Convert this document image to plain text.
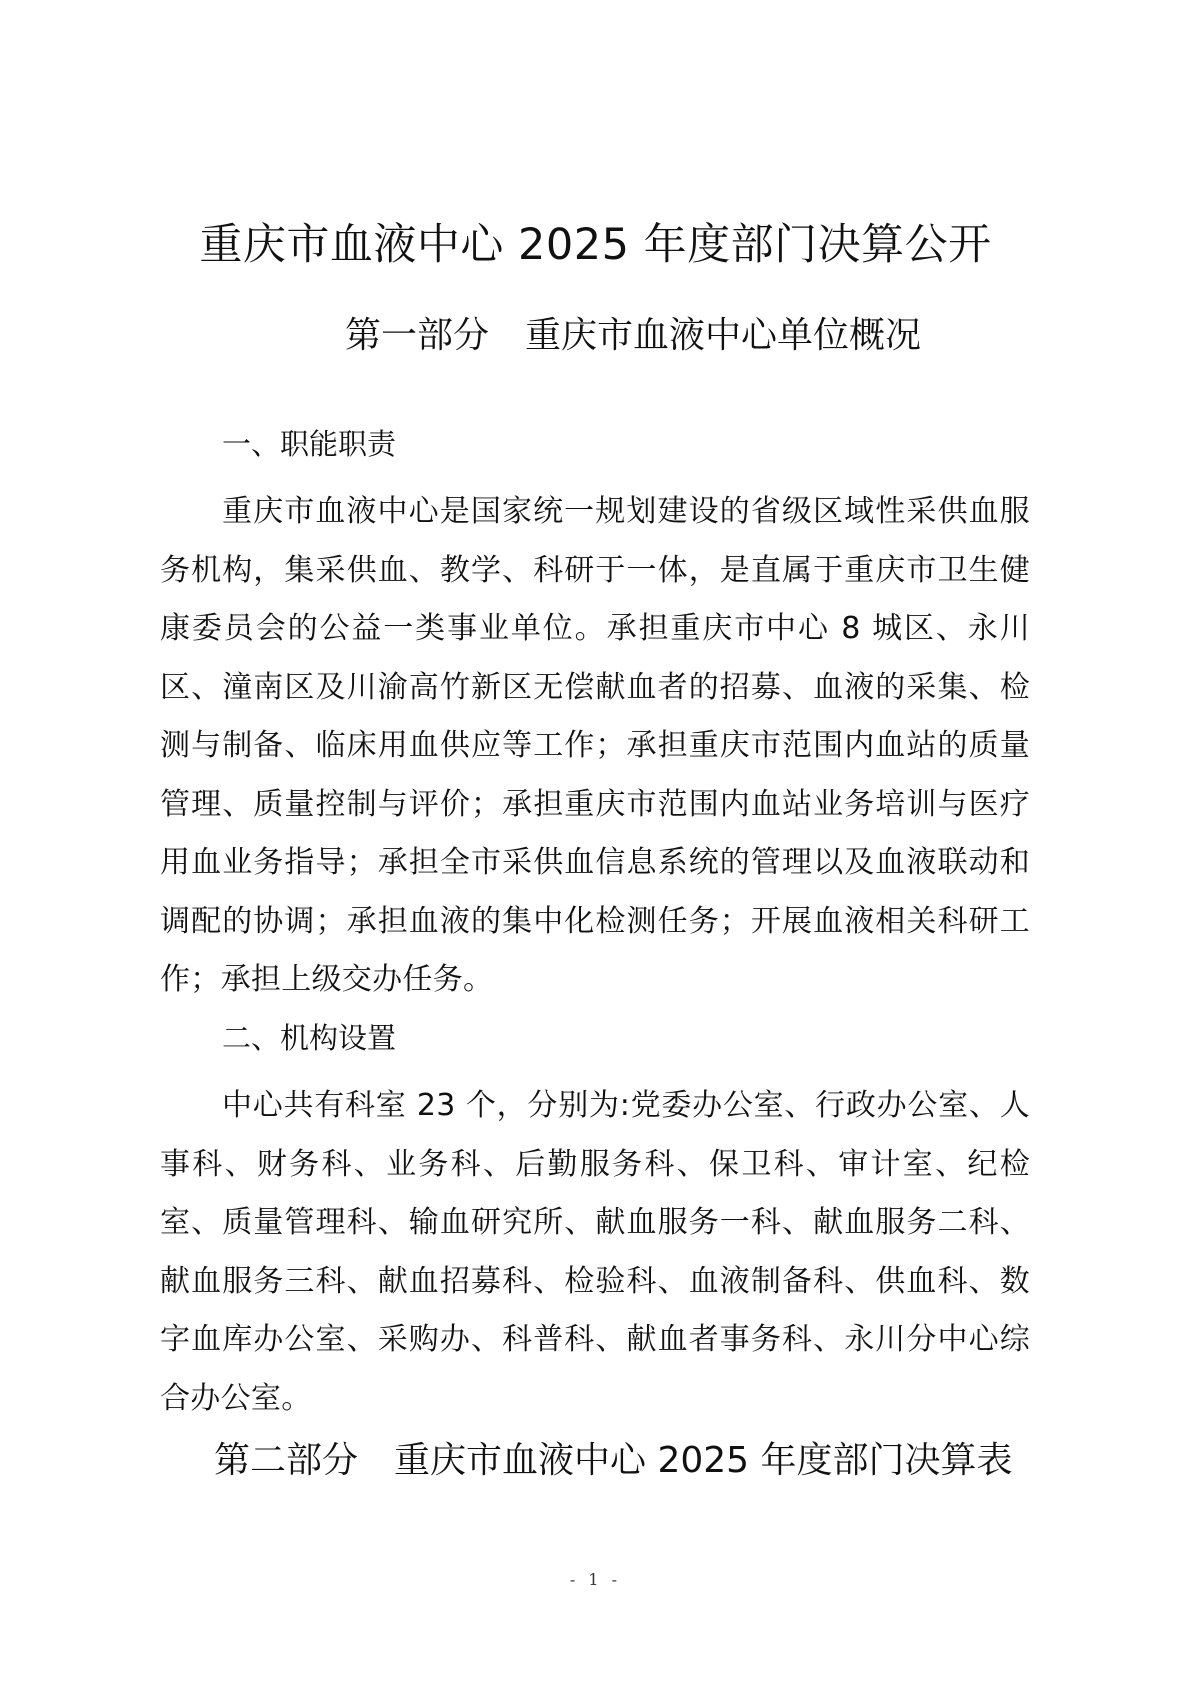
重庆市血液中心 2025 年度部门决算公开
第一部分 重庆市血液中心单位概况
一、职能职责

重庆市血液中心是国家统一规划建设的省级区域性采供血服务机构，集采供血、教学、科研于一体，是直属于重庆市卫生健康委员会的公益一类事业单位。承担重庆市中心 8 城区、永川区、潼南区及川渝高竹新区无偿献血者的招募、血液的采集、检测与制备、临床用血供应等工作；承担重庆市范围内血站的质量管理、质量控制与评价；承担重庆市范围内血站业务培训与医疗用血业务指导；承担全市采供血信息系统的管理以及血液联动和调配的协调；承担血液的集中化检测任务；开展血液相关科研工作；承担上级交办任务。

二、机构设置

中心共有科室 23 个，分别为:党委办公室、行政办公室、人事科、财务科、业务科、后勤服务科、保卫科、审计室、纪检室、质量管理科、输血研究所、献血服务一科、献血服务二科、献血服务三科、献血招募科、检验科、血液制备科、供血科、数字血库办公室、采购办、科普科、献血者事务科、永川分中心综合办公室。

第二部分 重庆市血液中心 2025 年度部门决算表
- 1 -
